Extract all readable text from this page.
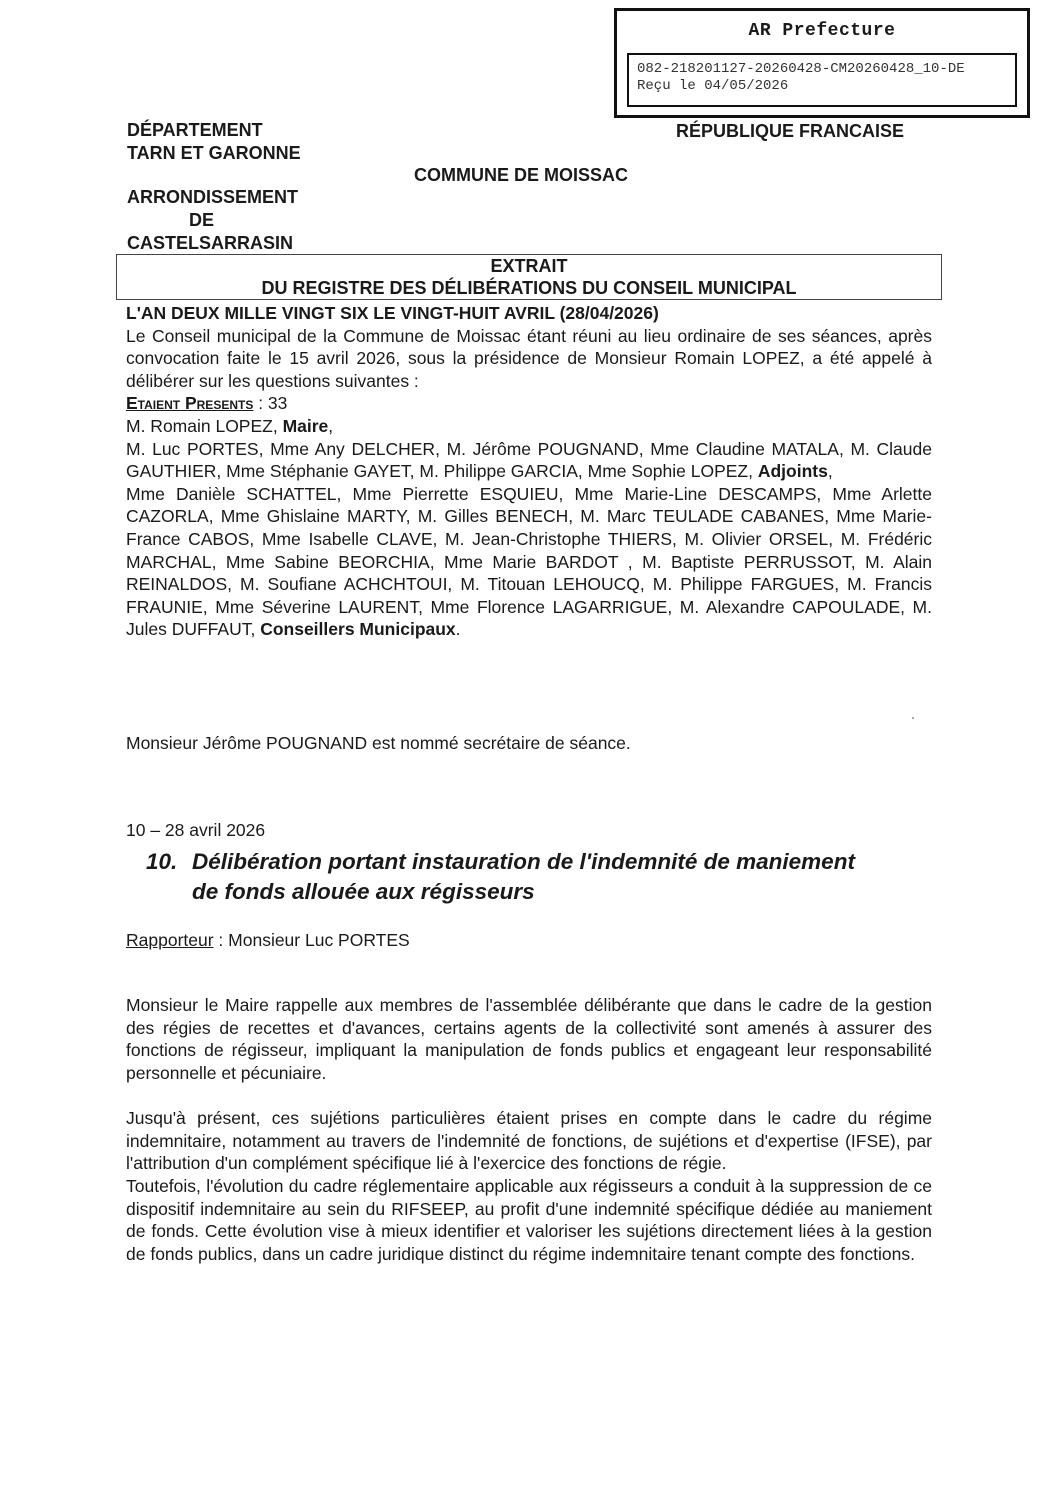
AR Prefecture
082-218201127-20260428-CM20260428_10-DE
Reçu le 04/05/2026
DÉPARTEMENT
TARN ET GARONNE
RÉPUBLIQUE FRANCAISE
COMMUNE DE MOISSAC
ARRONDISSEMENT
DE
CASTELSARRASIN
EXTRAIT
DU REGISTRE DES DÉLIBÉRATIONS DU CONSEIL MUNICIPAL

L'AN DEUX MILLE VINGT SIX LE VINGT-HUIT AVRIL (28/04/2026)

Le Conseil municipal de la Commune de Moissac étant réuni au lieu ordinaire de ses séances, après convocation faite le 15 avril 2026, sous la présidence de Monsieur Romain LOPEZ, a été appelé à délibérer sur les questions suivantes :

Etaient Presents : 33

M. Romain LOPEZ, Maire,

M. Luc PORTES, Mme Any DELCHER, M. Jérôme POUGNAND, Mme Claudine MATALA, M. Claude GAUTHIER, Mme Stéphanie GAYET, M. Philippe GARCIA, Mme Sophie LOPEZ, Adjoints,

Mme Danièle SCHATTEL, Mme Pierrette ESQUIEU, Mme Marie-Line DESCAMPS, Mme Arlette CAZORLA, Mme Ghislaine MARTY, M. Gilles BENECH, M. Marc TEULADE CABANES, Mme Marie-France CABOS, Mme Isabelle CLAVE, M. Jean-Christophe THIERS, M. Olivier ORSEL, M. Frédéric MARCHAL, Mme Sabine BEORCHIA, Mme Marie BARDOT , M. Baptiste PERRUSSOT, M. Alain REINALDOS, M. Soufiane ACHCHTOUI, M. Titouan LEHOUCQ, M. Philippe FARGUES, M. Francis FRAUNIE, Mme Séverine LAURENT, Mme Florence LAGARRIGUE, M. Alexandre CAPOULADE, M. Jules DUFFAUT, Conseillers Municipaux.

Monsieur Jérôme POUGNAND est nommé secrétaire de séance.
10 – 28 avril 2026
10. Délibération portant instauration de l'indemnité de maniement
de fonds allouée aux régisseurs
Rapporteur : Monsieur Luc PORTES
Monsieur le Maire rappelle aux membres de l'assemblée délibérante que dans le cadre de la gestion des régies de recettes et d'avances, certains agents de la collectivité sont amenés à assurer des fonctions de régisseur, impliquant la manipulation de fonds publics et engageant leur responsabilité personnelle et pécuniaire.
Jusqu'à présent, ces sujétions particulières étaient prises en compte dans le cadre du régime indemnitaire, notamment au travers de l'indemnité de fonctions, de sujétions et d'expertise (IFSE), par l'attribution d'un complément spécifique lié à l'exercice des fonctions de régie.
Toutefois, l'évolution du cadre réglementaire applicable aux régisseurs a conduit à la suppression de ce dispositif indemnitaire au sein du RIFSEEP, au profit d'une indemnité spécifique dédiée au maniement de fonds. Cette évolution vise à mieux identifier et valoriser les sujétions directement liées à la gestion de fonds publics, dans un cadre juridique distinct du régime indemnitaire tenant compte des fonctions.
